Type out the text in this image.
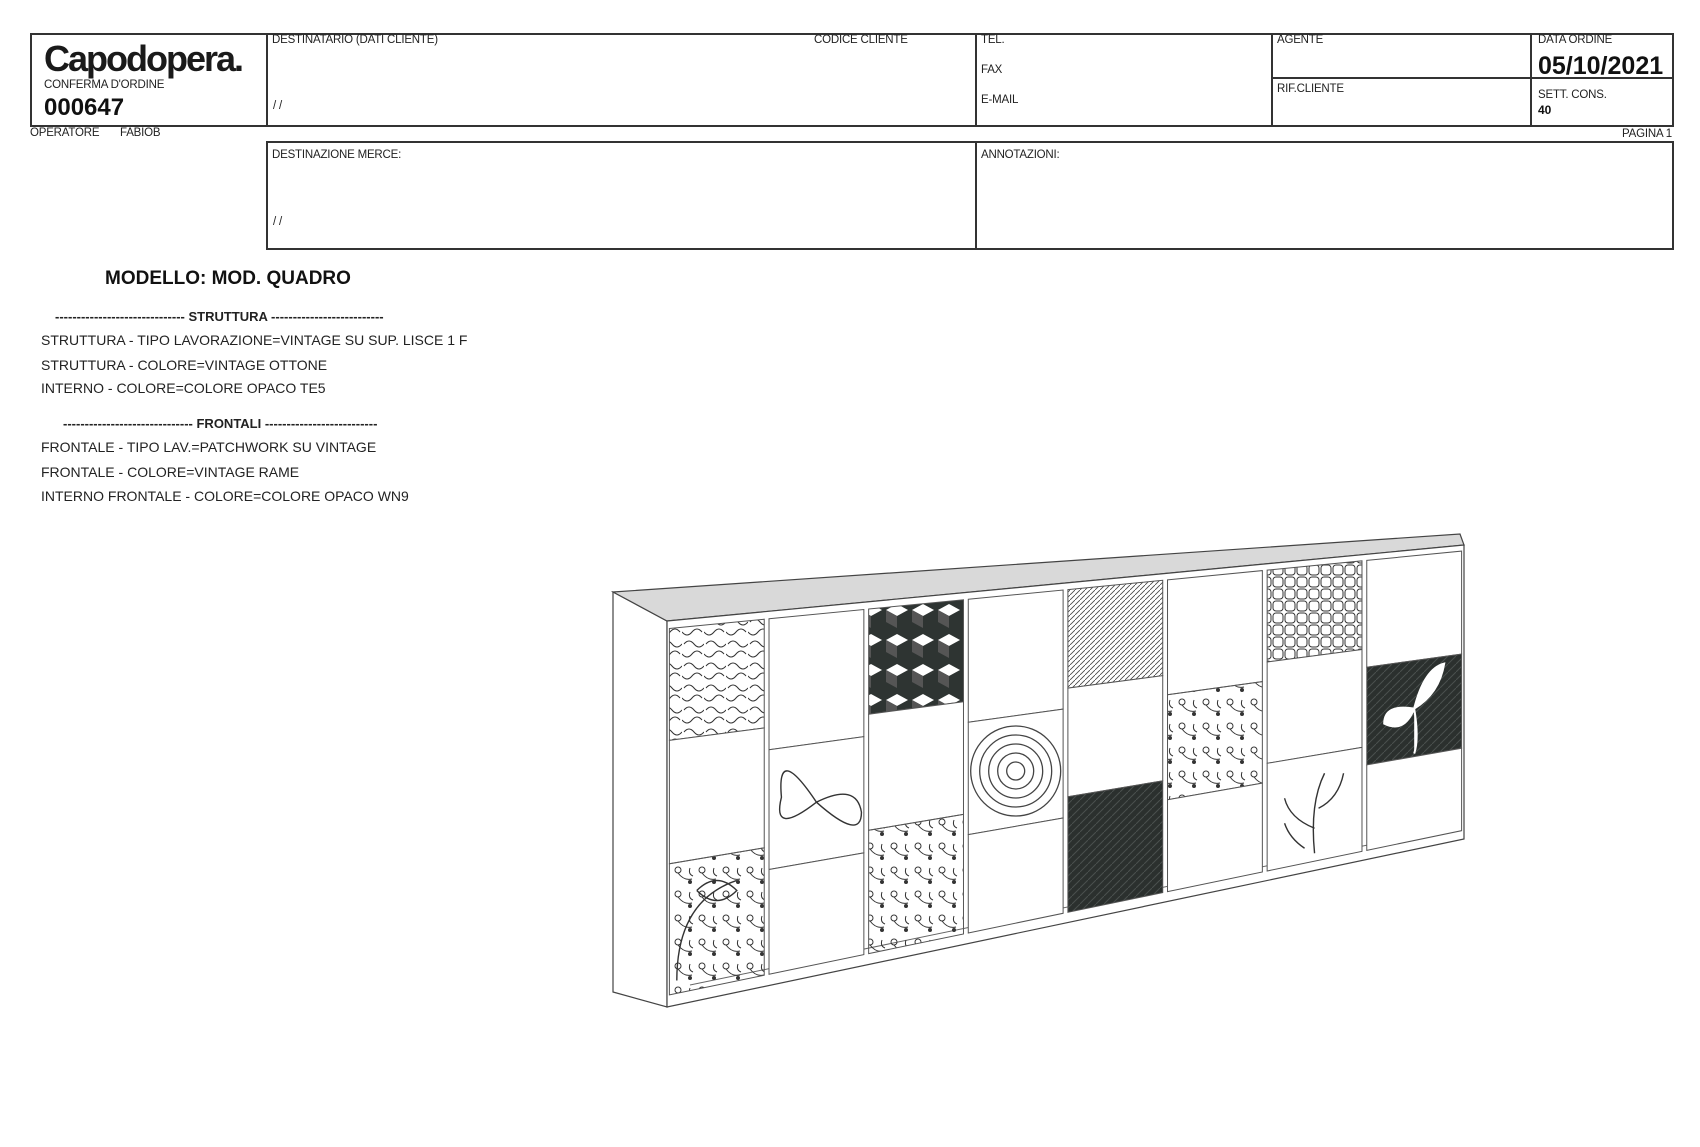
Capodopera.
CONFERMA D'ORDINE
000647
DESTINATARIO (DATI CLIENTE)	CODICE CLIENTE
/ /
TEL.
FAX
E-MAIL
AGENTE
RIF.CLIENTE
DATA ORDINE
05/10/2021
SETT. CONS.
40
OPERATORE FABIOB	PAGINA 1
DESTINAZIONE MERCE:
/ /
ANNOTAZIONI:
MODELLO: MOD. QUADRO
------------------------------ STRUTTURA --------------------------
STRUTTURA - TIPO LAVORAZIONE=VINTAGE SU SUP. LISCE 1 F
STRUTTURA - COLORE=VINTAGE OTTONE
INTERNO - COLORE=COLORE OPACO TE5
------------------------------ FRONTALI --------------------------
FRONTALE - TIPO LAV.=PATCHWORK SU VINTAGE
FRONTALE - COLORE=VINTAGE RAME
INTERNO FRONTALE - COLORE=COLORE OPACO WN9
